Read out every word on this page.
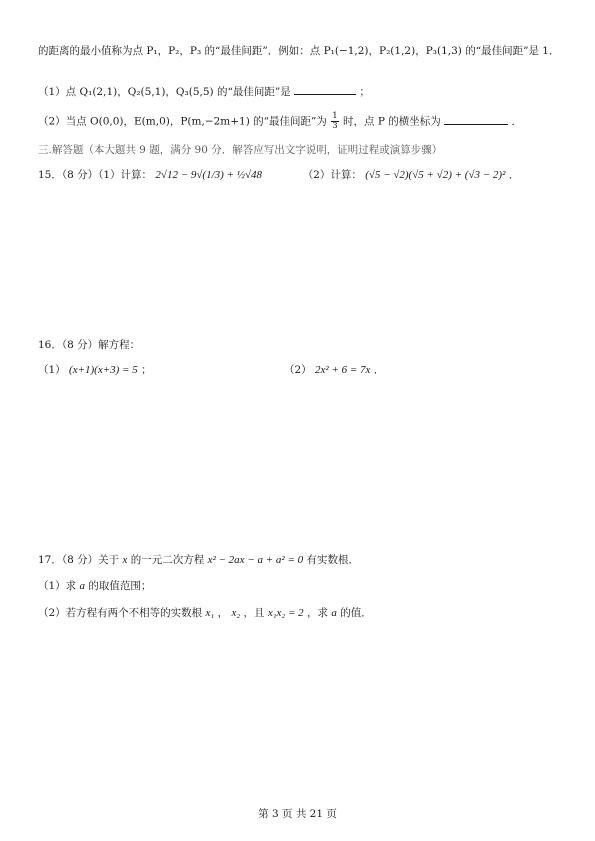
的距离的最小值称为点 P₁，P₂，P₃ 的“最佳间距”．例如：点 P₁(−1,2)，P₂(1,2)，P₃(1,3) 的“最佳间距”是 1．
（1）点 Q₁(2,1)，Q₂(5,1)，Q₃(5,5) 的“最佳间距”是	；
（2）当点 O(0,0)，E(m,0)，P(m,−2m+1) 的“最佳间距”为 $\frac{1}{3}$ 时，点 P 的横坐标为	．
三.解答题（本大题共 9 题，满分 90 分．解答应写出文字说明，证明过程或演算步骤）
15．（8 分）（1）计算： 2√12 − 9√(1/3) + ½√48	（2）计算： (√5 − √2)(√5 + √2) + (√3 − 2)² ．
16．（8 分）解方程：
（1） (x+1)(x+3) = 5 ；	（2） 2x² + 6 = 7x ．
17．（8 分）关于 x 的一元二次方程 x² − 2ax − a + a² = 0 有实数根．
（1）求 a 的取值范围；
（2）若方程有两个不相等的实数根 x₁ ， x₂ ，且 x₁x₂ = 2 ，求 a 的值．
第 3 页 共 21 页
